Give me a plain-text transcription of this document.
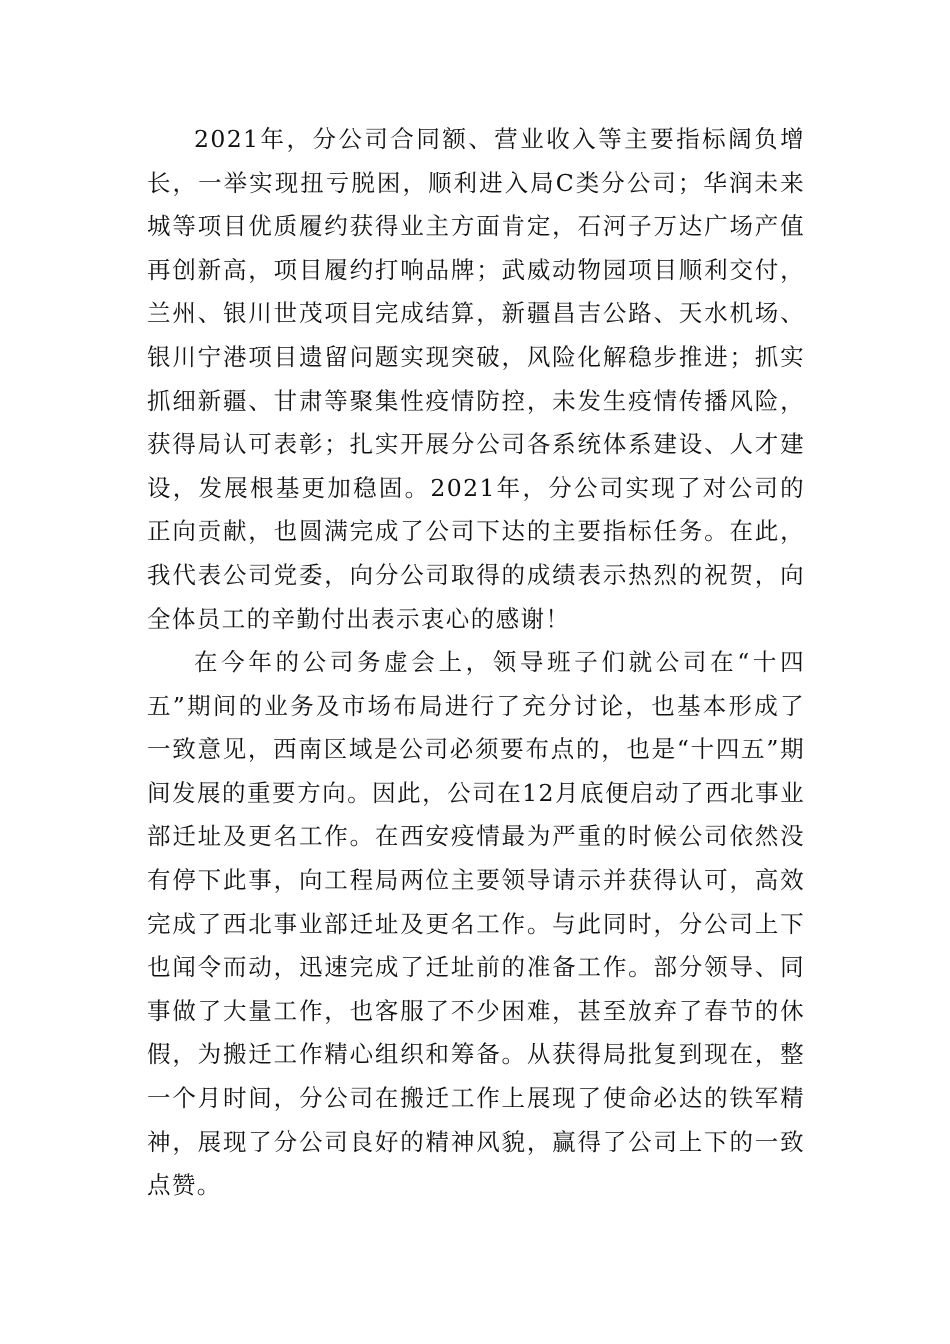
2021年，分公司合同额、营业收入等主要指标阔负增长，一举实现扭亏脱困，顺利进入局C类分公司；华润未来城等项目优质履约获得业主方面肯定，石河子万达广场产值再创新高，项目履约打响品牌；武威动物园项目顺利交付，兰州、银川世茂项目完成结算，新疆昌吉公路、天水机场、银川宁港项目遗留问题实现突破，风险化解稳步推进；抓实抓细新疆、甘肃等聚集性疫情防控，未发生疫情传播风险，获得局认可表彰；扎实开展分公司各系统体系建设、人才建设，发展根基更加稳固。2021年，分公司实现了对公司的正向贡献，也圆满完成了公司下达的主要指标任务。在此，我代表公司党委，向分公司取得的成绩表示热烈的祝贺，向全体员工的辛勤付出表示衷心的感谢！

在今年的公司务虚会上，领导班子们就公司在“十四五”期间的业务及市场布局进行了充分讨论，也基本形成了一致意见，西南区域是公司必须要布点的，也是“十四五”期间发展的重要方向。因此，公司在12月底便启动了西北事业部迁址及更名工作。在西安疫情最为严重的时候公司依然没有停下此事，向工程局两位主要领导请示并获得认可，高效完成了西北事业部迁址及更名工作。与此同时，分公司上下也闻令而动，迅速完成了迁址前的准备工作。部分领导、同事做了大量工作，也客服了不少困难，甚至放弃了春节的休假，为搬迁工作精心组织和筹备。从获得局批复到现在，整一个月时间，分公司在搬迁工作上展现了使命必达的铁军精神，展现了分公司良好的精神风貌，赢得了公司上下的一致点赞。
